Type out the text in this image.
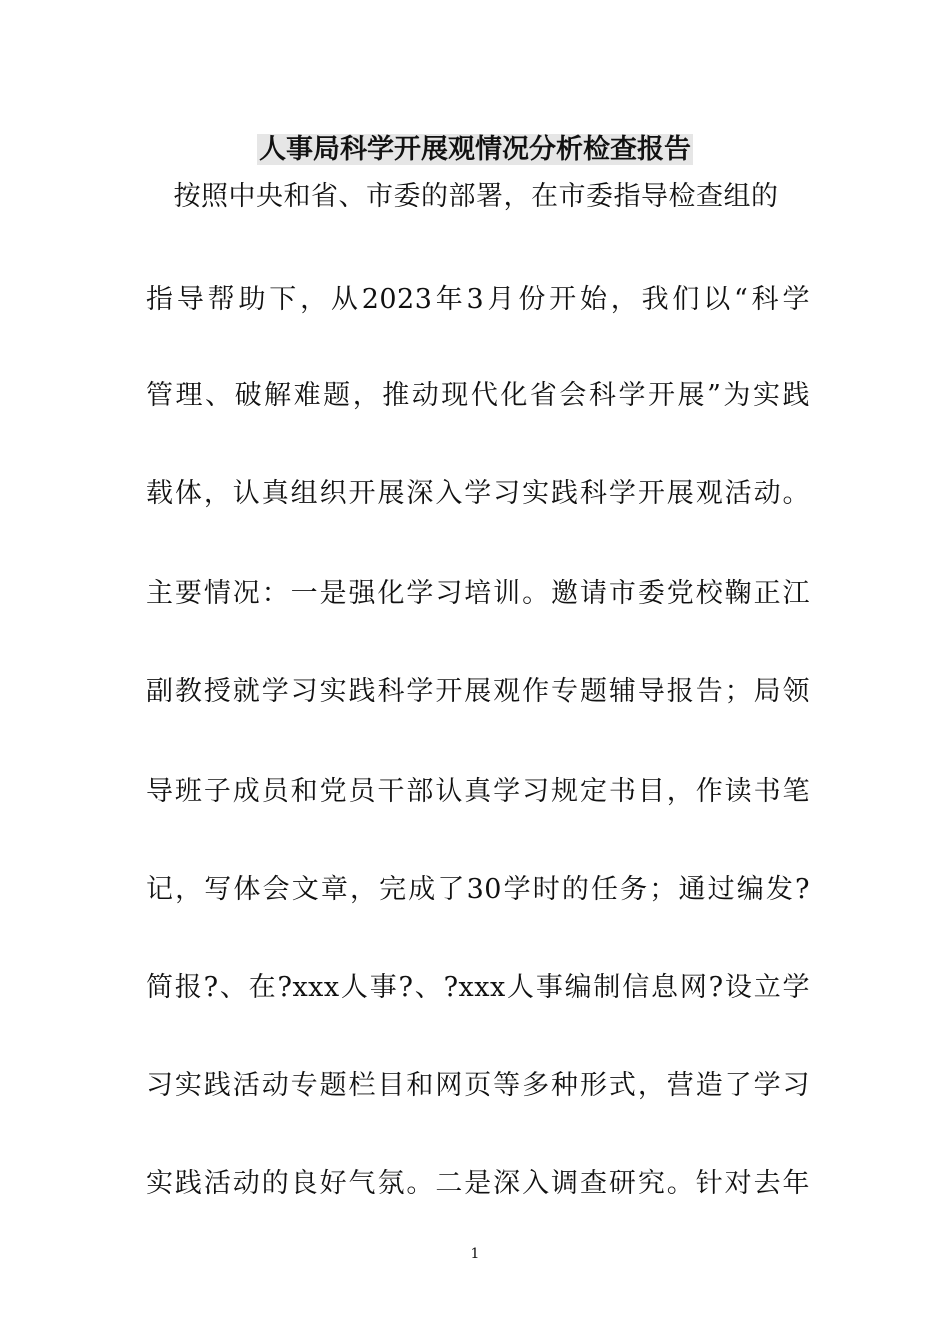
人事局科学开展观情况分析检查报告
　按照中央和省、市委的部署，在市委指导检查组的
指导帮助下，从2023年3月份开始，我们以“科学
管理、破解难题，推动现代化省会科学开展”为实践
载体，认真组织开展深入学习实践科学开展观活动。
主要情况：一是强化学习培训。邀请市委党校鞠正江
副教授就学习实践科学开展观作专题辅导报告；局领
导班子成员和党员干部认真学习规定书目，作读书笔
记，写体会文章，完成了30学时的任务；通过编发?
简报?、在?xxx人事?、?xxx人事编制信息网?设立学
习实践活动专题栏目和网页等多种形式，营造了学习
实践活动的良好气氛。二是深入调查研究。针对去年
1
